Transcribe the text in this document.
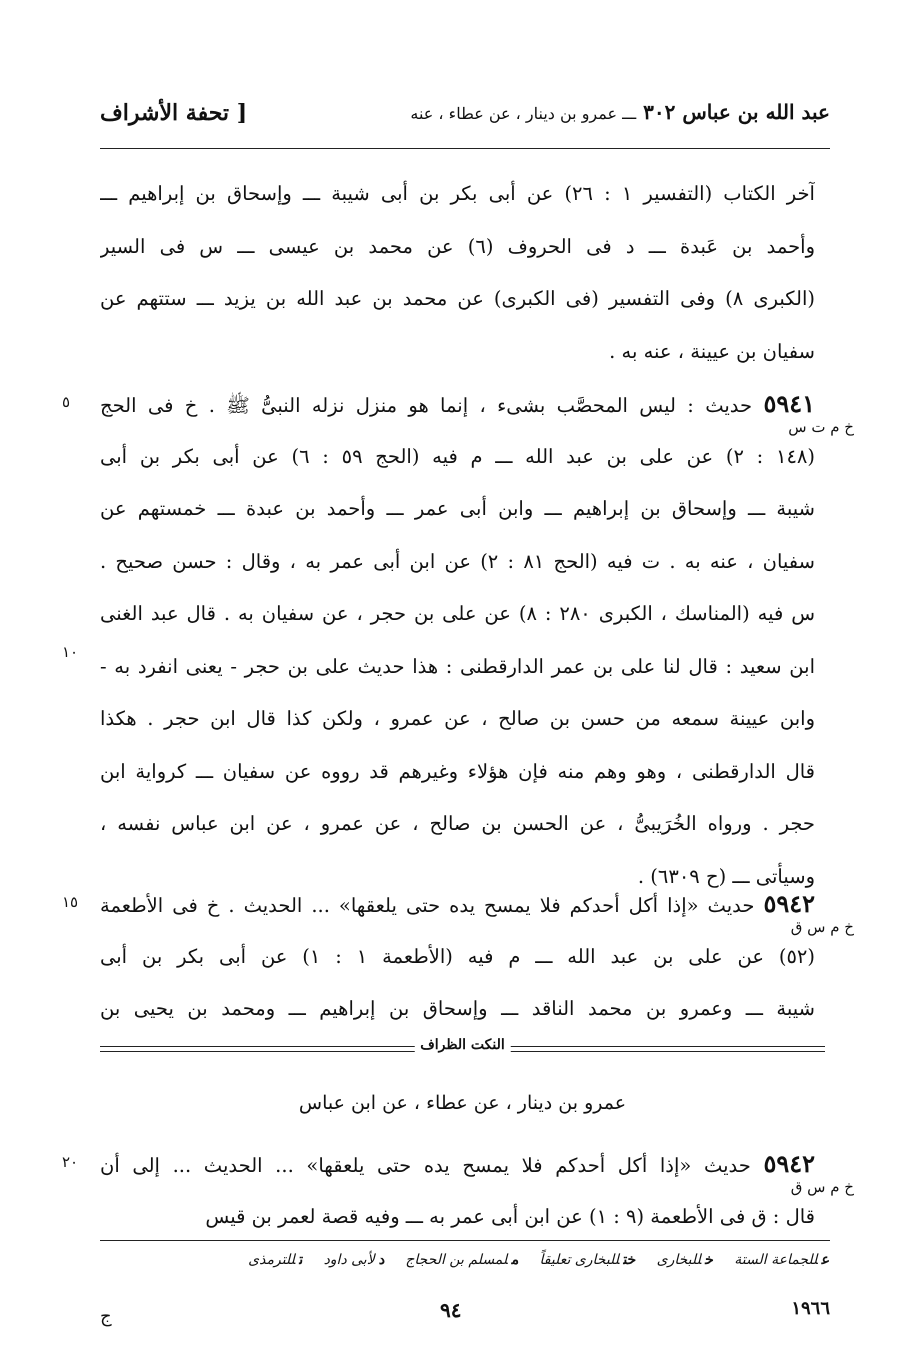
عبد الله بن عباس ٣٠٢ ـــ عمرو بن دينار ، عن عطاء ، عنه
[ تحفة الأشراف
آخر الكتاب (التفسير ١ : ٢٦) عن أبى بكر بن أبى شيبة ـــ وإسحاق بن إبراهيم ـــ
وأحمد بن عَبدة ـــ د فى الحروف (٦) عن محمد بن عيسى ـــ س فى السير
(الكبرى ٨) وفى التفسير (فى الكبرى) عن محمد بن عبد الله بن يزيد ـــ ستتهم عن
سفيان بن عيينة ، عنه به .
٥٩٤١ حديث : ليس المحصَّب بشىء ، إنما هو منزل نزله النبىُّ ﷺ . خ فى الحج
(١٤٨ : ٢) عن على بن عبد الله ـــ م فيه (الحج ٥٩ : ٦) عن أبى بكر بن أبى
شيبة ـــ وإسحاق بن إبراهيم ـــ وابن أبى عمر ـــ وأحمد بن عبدة ـــ خمستهم عن
سفيان ، عنه به . ت فيه (الحج ٨١ : ٢) عن ابن أبى عمر به ، وقال : حسن صحيح .
س فيه (المناسك ، الكبرى ٢٨٠ : ٨) عن على بن حجر ، عن سفيان به . قال عبد الغنى
ابن سعيد : قال لنا على بن عمر الدارقطنى : هذا حديث على بن حجر - يعنى انفرد به -
وابن عيينة سمعه من حسن بن صالح ، عن عمرو ، ولكن كذا قال ابن حجر . هكذا
قال الدارقطنى ، وهو وهم منه فإن هؤلاء وغيرهم قد رووه عن سفيان ـــ كرواية ابن
حجر . ورواه الخُرَيبىُّ ، عن الحسن بن صالح ، عن عمرو ، عن ابن عباس نفسه ،
وسيأتى ـــ (ح ٦٣٠٩) .
خ م ت س
٥
١٠
٥٩٤٢ حديث «إذا أكل أحدكم فلا يمسح يده حتى يلعقها» ... الحديث . خ فى الأطعمة
(٥٢) عن على بن عبد الله ـــ م فيه (الأطعمة ١ : ١) عن أبى بكر بن أبى
شيبة ـــ وعمرو بن محمد الناقد ـــ وإسحاق بن إبراهيم ـــ ومحمد بن يحيى بن
خ م س ق
١٥
النكت الظراف
عمرو بن دينار ، عن عطاء ، عن ابن عباس
٥٩٤٢ حديث «إذا أكل أحدكم فلا يمسح يده حتى يلعقها» ... الحديث ... إلى أن
قال : ق فى الأطعمة (٩ : ١) عن ابن أبى عمر به ـــ وفيه قصة لعمر بن قيس
خ م س ق
٢٠
عللجماعة الستة خللبخارى ختللبخارى تعليقاً ملمسلم بن الحجاج دلأبى داود تللترمذى
١٩٦٦
٩٤
ج
